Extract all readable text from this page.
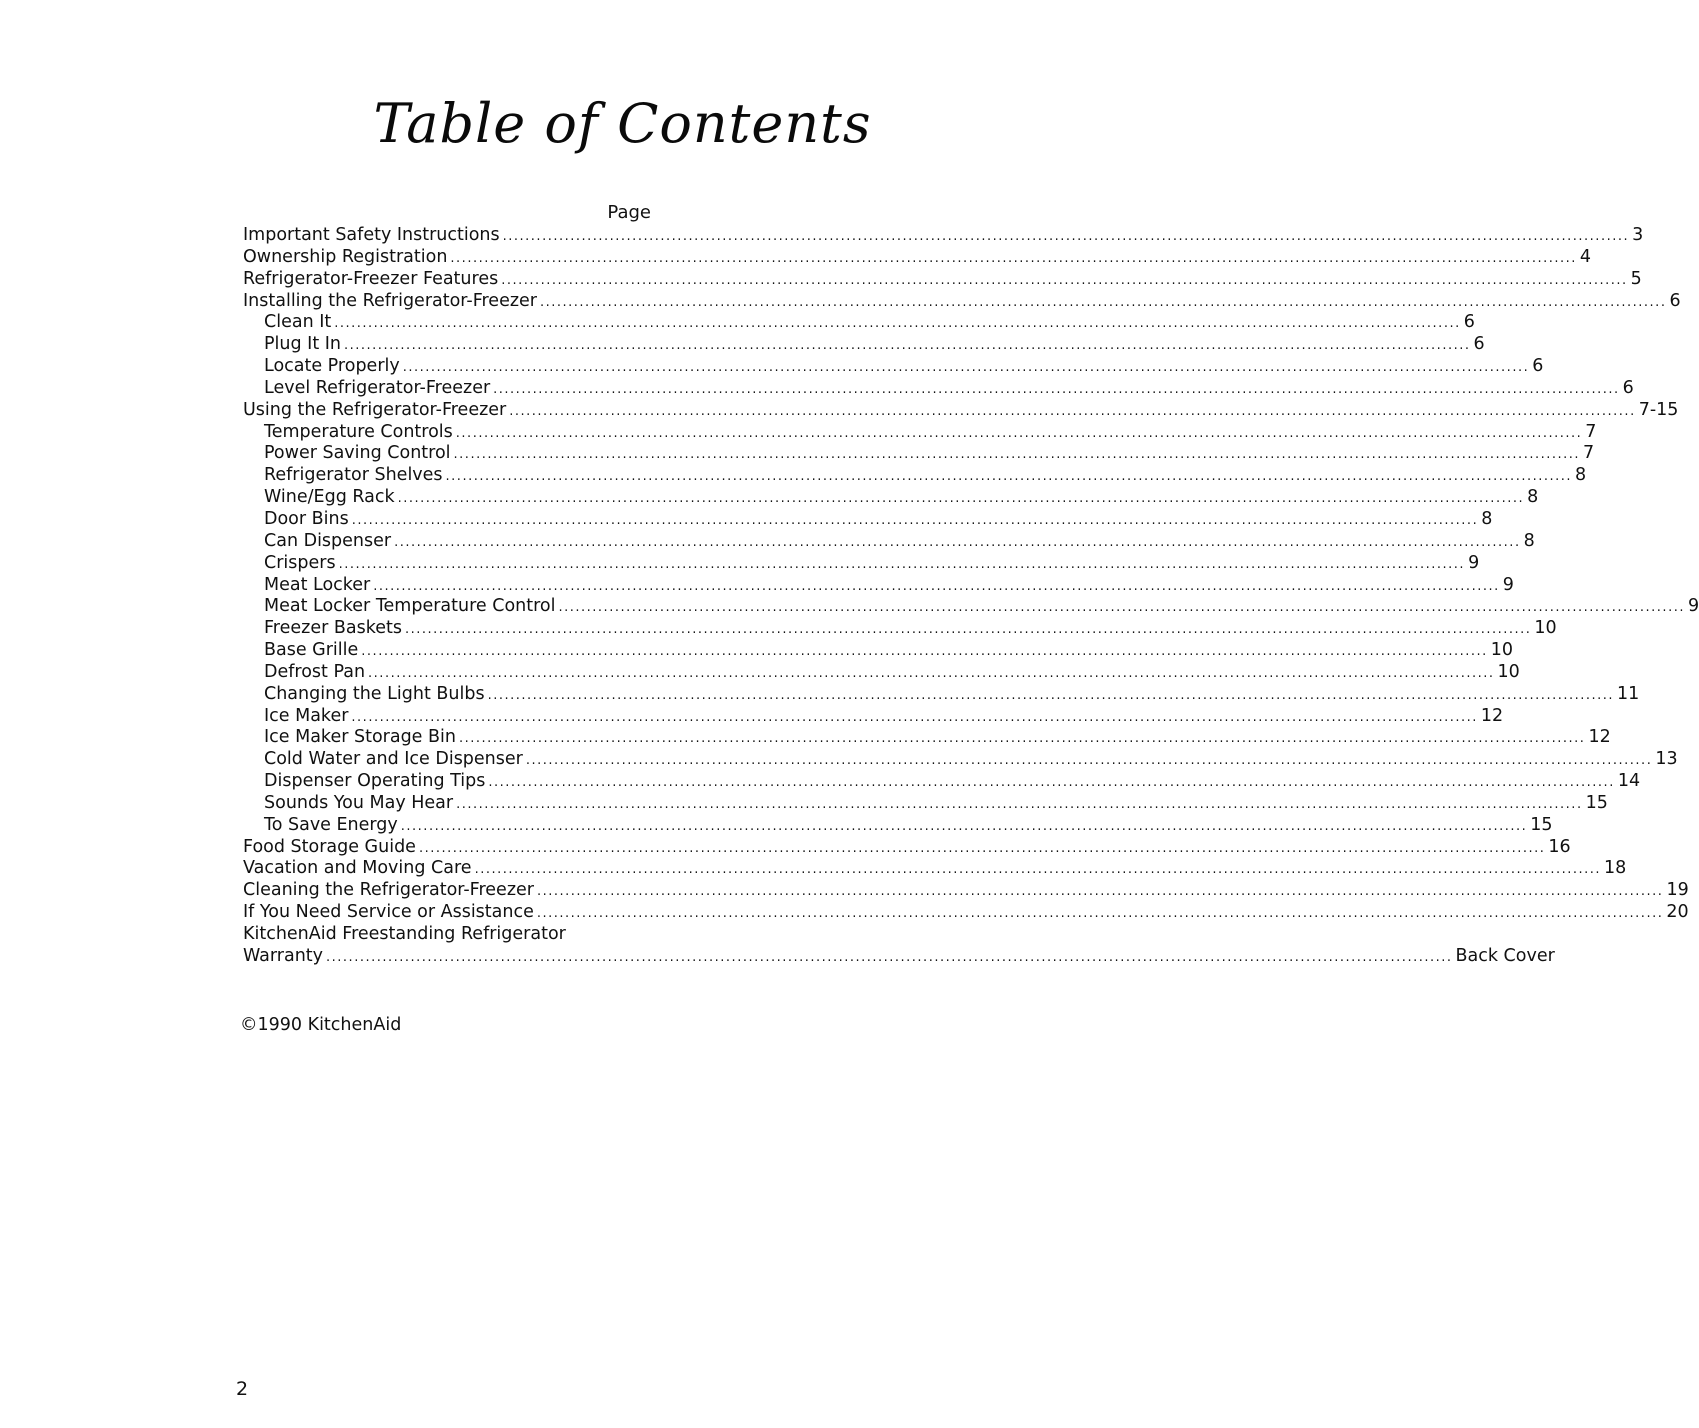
Table of Contents
Page
Important Safety Instructions ........................................................................................................................................................................................................ 3
Ownership Registration ........................................................................................................................................................................................................ 4
Refrigerator-Freezer Features ........................................................................................................................................................................................................ 5
Installing the Refrigerator-Freezer ........................................................................................................................................................................................................ 6
Clean It ........................................................................................................................................................................................................ 6
Plug It In ........................................................................................................................................................................................................ 6
Locate Properly ........................................................................................................................................................................................................ 6
Level Refrigerator-Freezer ........................................................................................................................................................................................................ 6
Using the Refrigerator-Freezer ........................................................................................................................................................................................................ 7-15
Temperature Controls ........................................................................................................................................................................................................ 7
Power Saving Control ........................................................................................................................................................................................................ 7
Refrigerator Shelves ........................................................................................................................................................................................................ 8
Wine/Egg Rack ........................................................................................................................................................................................................ 8
Door Bins ........................................................................................................................................................................................................ 8
Can Dispenser ........................................................................................................................................................................................................ 8
Crispers ........................................................................................................................................................................................................ 9
Meat Locker ........................................................................................................................................................................................................ 9
Meat Locker Temperature Control ........................................................................................................................................................................................................ 9
Freezer Baskets ........................................................................................................................................................................................................ 10
Base Grille ........................................................................................................................................................................................................ 10
Defrost Pan ........................................................................................................................................................................................................ 10
Changing the Light Bulbs ........................................................................................................................................................................................................ 11
Ice Maker ........................................................................................................................................................................................................ 12
Ice Maker Storage Bin ........................................................................................................................................................................................................ 12
Cold Water and Ice Dispenser ........................................................................................................................................................................................................ 13
Dispenser Operating Tips ........................................................................................................................................................................................................ 14
Sounds You May Hear ........................................................................................................................................................................................................ 15
To Save Energy ........................................................................................................................................................................................................ 15
Food Storage Guide ........................................................................................................................................................................................................ 16
Vacation and Moving Care ........................................................................................................................................................................................................ 18
Cleaning the Refrigerator-Freezer ........................................................................................................................................................................................................ 19
If You Need Service or Assistance ........................................................................................................................................................................................................ 20
KitchenAid Freestanding Refrigerator
Warranty ........................................................................................................................................................................................................ Back Cover
©1990 KitchenAid
2
